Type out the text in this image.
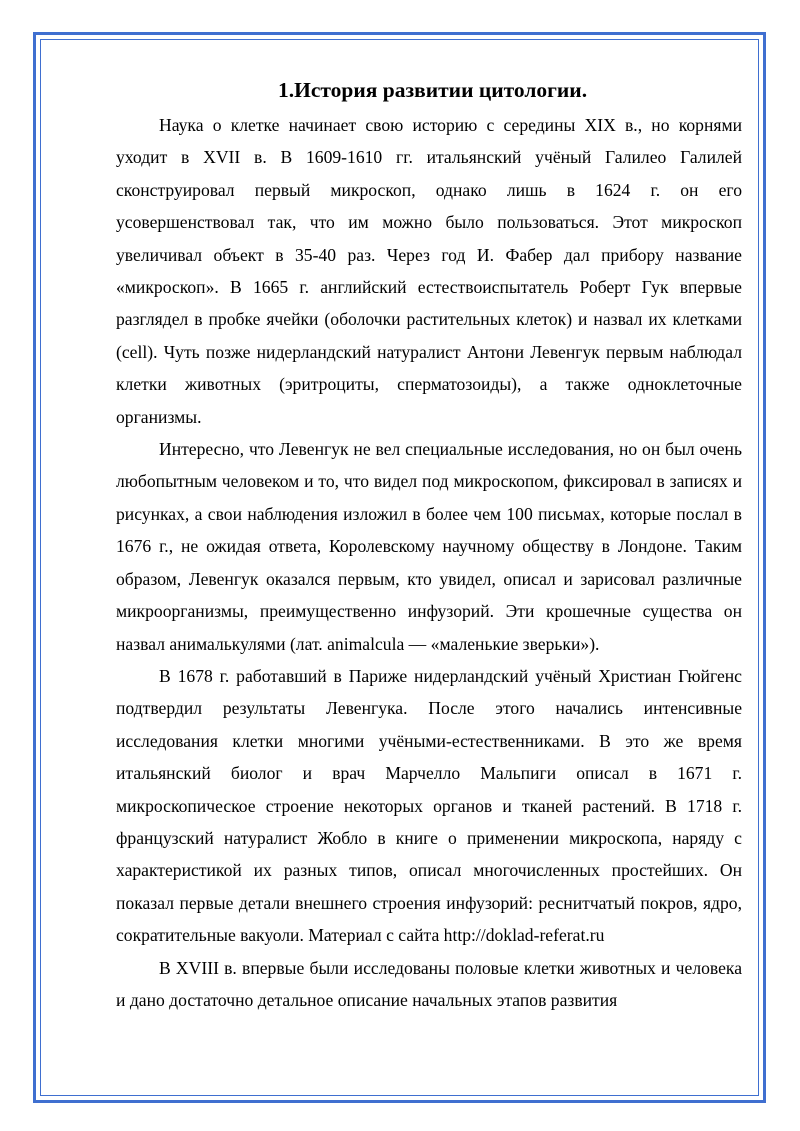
1.История развитии цитологии.

Наука о клетке начинает свою историю с середины XIX в., но корнями уходит в XVII в. В 1609-1610 гг. итальянский учёный Галилео Галилей сконструировал первый микроскоп, однако лишь в 1624 г. он его усовершенствовал так, что им можно было пользоваться. Этот микроскоп увеличивал объект в 35-40 раз. Через год И. Фабер дал прибору название «микроскоп». В 1665 г. английский естествоиспытатель Роберт Гук впервые разглядел в пробке ячейки (оболочки растительных клеток) и назвал их клетками (cell). Чуть позже нидерландский натуралист Антони Левенгук первым наблюдал клетки животных (эритроциты, сперматозоиды), а также одноклеточные организмы.

Интересно, что Левенгук не вел специальные исследования, но он был очень любопытным человеком и то, что видел под микроскопом, фиксировал в записях и рисунках, а свои наблюдения изложил в более чем 100 письмах, которые послал в 1676 г., не ожидая ответа, Королевскому научному обществу в Лондоне. Таким образом, Левенгук оказался первым, кто увидел, описал и зарисовал различные микроорганизмы, преимущественно инфузорий. Эти крошечные существа он назвал анималькулями (лат. animalcula — «маленькие зверьки»).

В 1678 г. работавший в Париже нидерландский учёный Христиан Гюйгенс подтвердил результаты Левенгука. После этого начались интенсивные исследования клетки многими учёными-естественниками. В это же время итальянский биолог и врач Марчелло Мальпиги описал в 1671 г. микроскопическое строение некоторых органов и тканей растений. В 1718 г. французский натуралист Жобло в книге о применении микроскопа, наряду с характеристикой их разных типов, описал многочисленных простейших. Он показал первые детали внешнего строения инфузорий: реснитчатый покров, ядро, сократительные вакуоли. Материал с сайта http://doklad-referat.ru

В XVIII в. впервые были исследованы половые клетки животных и человека и дано достаточно детальное описание начальных этапов развития
